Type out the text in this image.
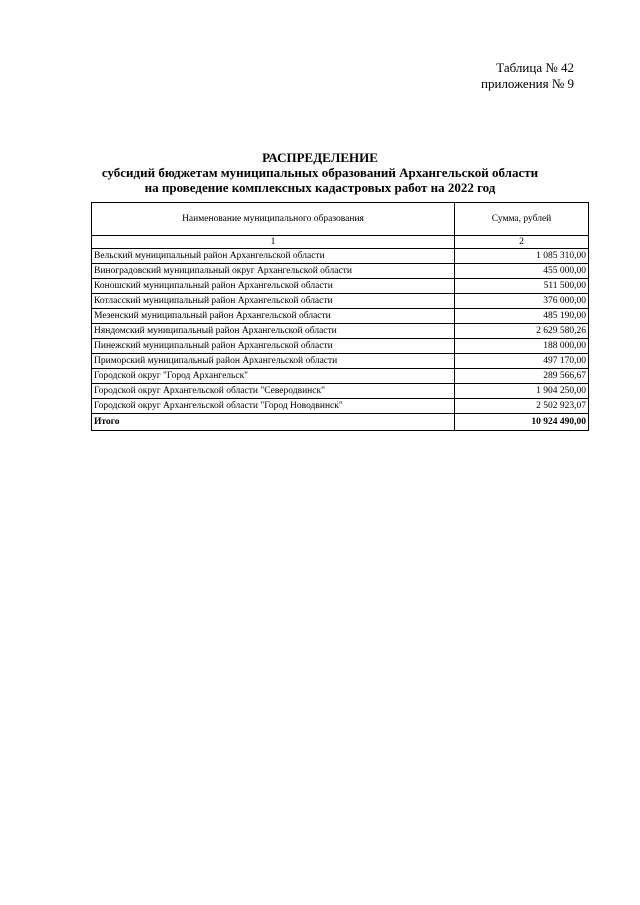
Таблица № 42
приложения № 9
РАСПРЕДЕЛЕНИЕ
субсидий бюджетам муниципальных образований Архангельской области
на проведение комплексных кадастровых работ на 2022 год
Наименование муниципального образования	Сумма, рублей
1	2
Вельский муниципальный район Архангельской области	1 085 310,00
Виноградовский муниципальный округ Архангельской области	455 000,00
Коношский муниципальный район Архангельской области	511 500,00
Котласский муниципальный район Архангельской области	376 000,00
Мезенский муниципальный район Архангельской области	485 190,00
Няндомский муниципальный район Архангельской области	2 629 580,26
Пинежский муниципальный район Архангельской области	188 000,00
Приморский муниципальный район Архангельской области	497 170,00
Городской округ "Город Архангельск"	289 566,67
Городской округ Архангельской области "Северодвинск"	1 904 250,00
Городской округ Архангельской области "Город Новодвинск"	2 502 923,07
Итого	10 924 490,00
